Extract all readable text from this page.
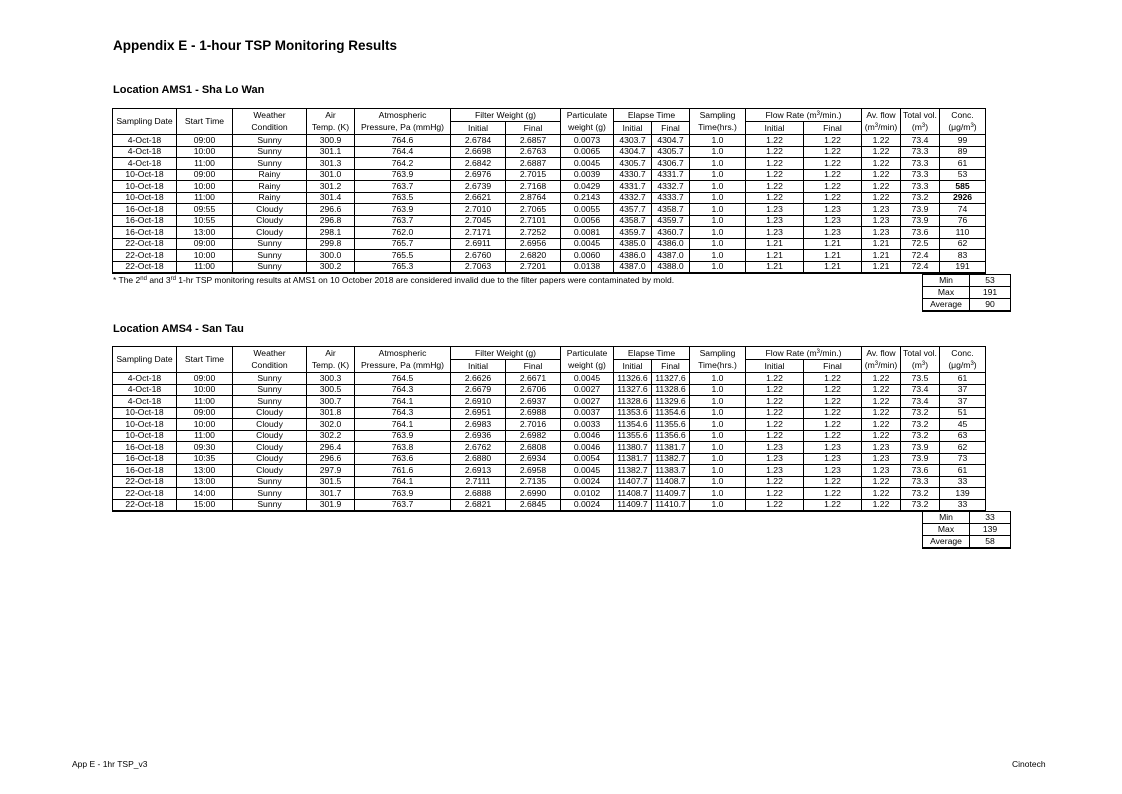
Appendix E - 1-hour TSP Monitoring Results
Location AMS1 - Sha Lo Wan
Sampling Date	Start Time	Weather	Air	Atmospheric	Filter Weight (g)		Particulate	Elapse Time		Sampling	Flow Rate $(m^3/\min.)$		Av. flow	Total vol.	Conc.
		Condition	Temp. (K)	Pressure, Pa (mmHg)	Initial	Final	weight (g)	Initial	Final	Time(hrs.)	Initial	Final	$(m^3/\min)$	$(m^3)$	$(\mu g/m^3)$
4-Oct-18	09:00	Sunny	300.9	764.6	2.6784	2.6857	0.0073	4303.7	4304.7	1.0	1.22	1.22	1.22	73.4	99
4-Oct-18	10:00	Sunny	301.1	764.4	2.6698	2.6763	0.0065	4304.7	4305.7	1.0	1.22	1.22	1.22	73.3	89
4-Oct-18	11:00	Sunny	301.3	764.2	2.6842	2.6887	0.0045	4305.7	4306.7	1.0	1.22	1.22	1.22	73.3	61
10-Oct-18	09:00	Rainy	301.0	763.9	2.6976	2.7015	0.0039	4330.7	4331.7	1.0	1.22	1.22	1.22	73.3	53
10-Oct-18	10:00	Rainy	301.2	763.7	2.6739	2.7168	0.0429	4331.7	4332.7	1.0	1.22	1.22	1.22	73.3	585
10-Oct-18	11:00	Rainy	301.4	763.5	2.6621	2.8764	0.2143	4332.7	4333.7	1.0	1.22	1.22	1.22	73.2	2926
16-Oct-18	09:55	Cloudy	296.6	763.9	2.7010	2.7065	0.0055	4357.7	4358.7	1.0	1.23	1.23	1.23	73.9	74
16-Oct-18	10:55	Cloudy	296.8	763.7	2.7045	2.7101	0.0056	4358.7	4359.7	1.0	1.23	1.23	1.23	73.9	76
16-Oct-18	13:00	Cloudy	298.1	762.0	2.7171	2.7252	0.0081	4359.7	4360.7	1.0	1.23	1.23	1.23	73.6	110
22-Oct-18	09:00	Sunny	299.8	765.7	2.6911	2.6956	0.0045	4385.0	4386.0	1.0	1.21	1.21	1.21	72.5	62
22-Oct-18	10:00	Sunny	300.0	765.5	2.6760	2.6820	0.0060	4386.0	4387.0	1.0	1.21	1.21	1.21	72.4	83
22-Oct-18	11:00	Sunny	300.2	765.3	2.7063	2.7201	0.0138	4387.0	4388.0	1.0	1.21	1.21	1.21	72.4	191
* The 2nd and 3rd 1-hr TSP monitoring results at AMS1 on 10 October 2018 are considered invalid due to the filter papers were contaminated by mold.	Min	53
Max	191
Average	90
Location AMS4 - San Tau
Sampling Date	Start Time	Weather	Air	Atmospheric	Filter Weight (g)		Particulate	Elapse Time		Sampling	Flow Rate $(m^3/\min.)$		Av. flow	Total vol.	Conc.
		Condition	Temp. (K)	Pressure, Pa (mmHg)	Initial	Final	weight (g)	Initial	Final	Time(hrs.)	Initial	Final	$(m^3/\min)$	$(m^3)$	$(\mu g/m^3)$
4-Oct-18	09:00	Sunny	300.3	764.5	2.6626	2.6671	0.0045	11326.6	11327.6	1.0	1.22	1.22	1.22	73.5	61
4-Oct-18	10:00	Sunny	300.5	764.3	2.6679	2.6706	0.0027	11327.6	11328.6	1.0	1.22	1.22	1.22	73.4	37
4-Oct-18	11:00	Sunny	300.7	764.1	2.6910	2.6937	0.0027	11328.6	11329.6	1.0	1.22	1.22	1.22	73.4	37
10-Oct-18	09:00	Cloudy	301.8	764.3	2.6951	2.6988	0.0037	11353.6	11354.6	1.0	1.22	1.22	1.22	73.2	51
10-Oct-18	10:00	Cloudy	302.0	764.1	2.6983	2.7016	0.0033	11354.6	11355.6	1.0	1.22	1.22	1.22	73.2	45
10-Oct-18	11:00	Cloudy	302.2	763.9	2.6936	2.6982	0.0046	11355.6	11356.6	1.0	1.22	1.22	1.22	73.2	63
16-Oct-18	09:30	Cloudy	296.4	763.8	2.6762	2.6808	0.0046	11380.7	11381.7	1.0	1.23	1.23	1.23	73.9	62
16-Oct-18	10:35	Cloudy	296.6	763.6	2.6880	2.6934	0.0054	11381.7	11382.7	1.0	1.23	1.23	1.23	73.9	73
16-Oct-18	13:00	Cloudy	297.9	761.6	2.6913	2.6958	0.0045	11382.7	11383.7	1.0	1.23	1.23	1.23	73.6	61
22-Oct-18	13:00	Sunny	301.5	764.1	2.7111	2.7135	0.0024	11407.7	11408.7	1.0	1.22	1.22	1.22	73.3	33
22-Oct-18	14:00	Sunny	301.7	763.9	2.6888	2.6990	0.0102	11408.7	11409.7	1.0	1.22	1.22	1.22	73.2	139
22-Oct-18	15:00	Sunny	301.9	763.7	2.6821	2.6845	0.0024	11409.7	11410.7	1.0	1.22	1.22	1.22	73.2	33
Min	33
Max	139
Average	58
App E - 1hr TSP_v3	Cinotech
